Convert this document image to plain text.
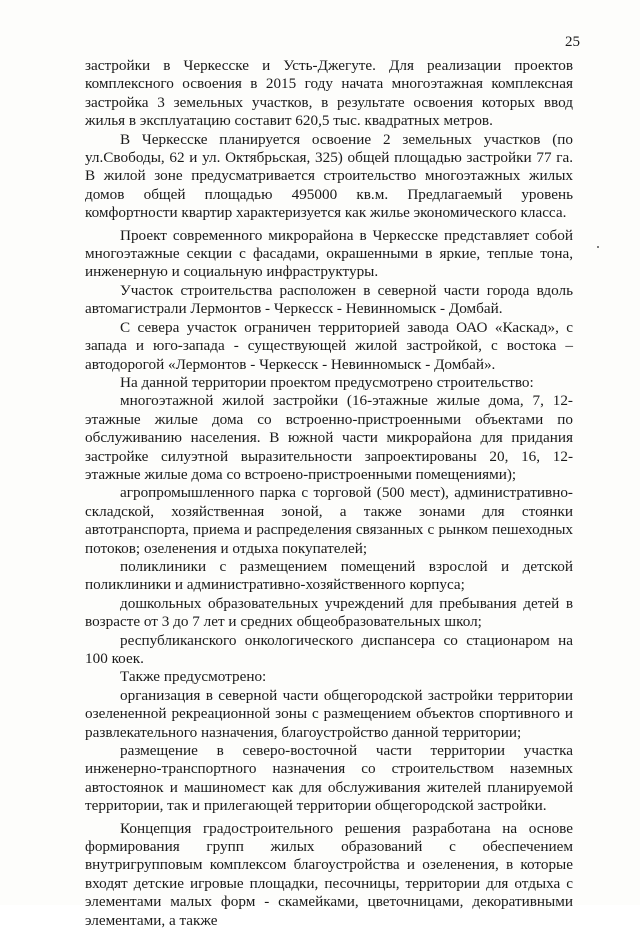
25

застройки в Черкесске и Усть-Джегуте. Для реализации проектов комплексного освоения в 2015 году начата многоэтажная комплексная застройка 3 земельных участков, в результате освоения которых ввод жилья в эксплуатацию составит 620,5 тыс. квадратных метров.

В Черкесске планируется освоение 2 земельных участков (по ул.Свободы, 62 и ул. Октябрьская, 325) общей площадью застройки 77 га. В жилой зоне предусматривается строительство многоэтажных жилых домов общей площадью 495000 кв.м. Предлагаемый уровень комфортности квартир характеризуется как жилье экономического класса.

Проект современного микрорайона в Черкесске представляет собой многоэтажные секции с фасадами, окрашенными в яркие, теплые тона, инженерную и социальную инфраструктуры.

Участок строительства расположен в северной части города вдоль автомагистрали Лермонтов - Черкесск - Невинномыск - Домбай.

С севера участок ограничен территорией завода ОАО «Каскад», с запада и юго-запада - существующей жилой застройкой, с востока – автодорогой «Лермонтов - Черкесск - Невинномыск - Домбай».

На данной территории проектом предусмотрено строительство:

многоэтажной жилой застройки (16-этажные жилые дома, 7, 12-этажные жилые дома со встроенно-пристроенными объектами по обслуживанию населения. В южной части микрорайона для придания застройке силуэтной выразительности запроектированы 20, 16, 12-этажные жилые дома со встроено-пристроенными помещениями);

агропромышленного парка с торговой (500 мест), административно-складской, хозяйственная зоной, а также зонами для стоянки автотранспорта, приема и распределения связанных с рынком пешеходных потоков; озеленения и отдыха покупателей;

поликлиники с размещением помещений взрослой и детской поликлиники и административно-хозяйственного корпуса;

дошкольных образовательных учреждений для пребывания детей в возрасте от 3 до 7 лет и средних общеобразовательных школ;

республиканского онкологического диспансера со стационаром на 100 коек.

Также предусмотрено:

организация в северной части общегородской застройки территории озелененной рекреационной зоны с размещением объектов спортивного и развлекательного назначения, благоустройство данной территории;

размещение в северо-восточной части территории участка инженерно-транспортного назначения со строительством наземных автостоянок и машиномест как для обслуживания жителей планируемой территории, так и прилегающей территории общегородской застройки.

Концепция градостроительного решения разработана на основе формирования групп жилых образований с обеспечением внутригрупповым комплексом благоустройства и озеленения, в которые входят детские игровые площадки, песочницы, территории для отдыха с элементами малых форм - скамейками, цветочницами, декоративными элементами, а также
